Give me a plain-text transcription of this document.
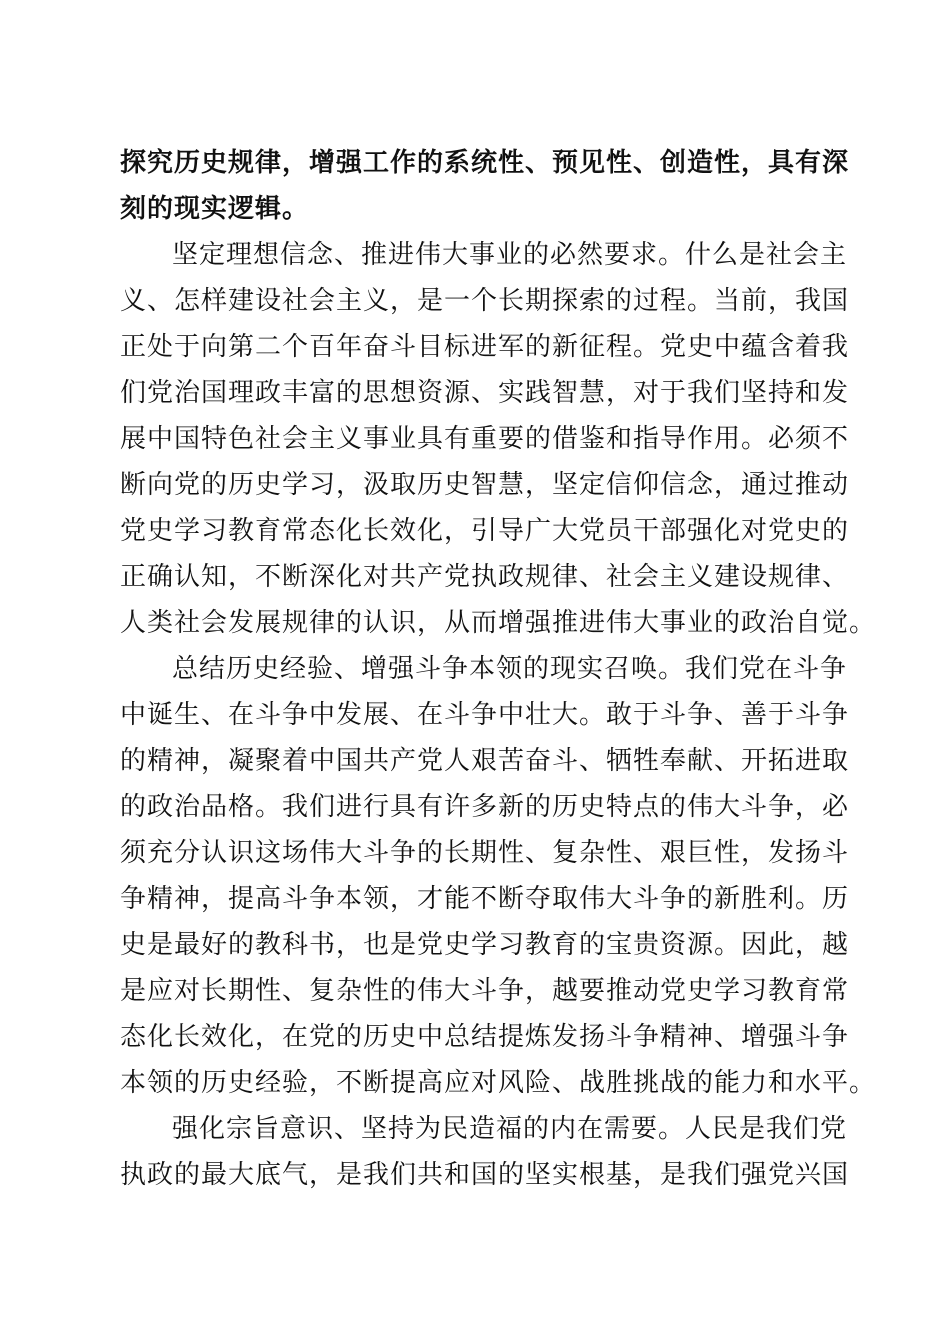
探究历史规律，增强工作的系统性、预见性、创造性，具有深
刻的现实逻辑。
坚定理想信念、推进伟大事业的必然要求。什么是社会主
义、怎样建设社会主义，是一个长期探索的过程。当前，我国
正处于向第二个百年奋斗目标进军的新征程。党史中蕴含着我
们党治国理政丰富的思想资源、实践智慧，对于我们坚持和发
展中国特色社会主义事业具有重要的借鉴和指导作用。必须不
断向党的历史学习，汲取历史智慧，坚定信仰信念，通过推动
党史学习教育常态化长效化，引导广大党员干部强化对党史的
正确认知，不断深化对共产党执政规律、社会主义建设规律、
人类社会发展规律的认识，从而增强推进伟大事业的政治自觉。
总结历史经验、增强斗争本领的现实召唤。我们党在斗争
中诞生、在斗争中发展、在斗争中壮大。敢于斗争、善于斗争
的精神，凝聚着中国共产党人艰苦奋斗、牺牲奉献、开拓进取
的政治品格。我们进行具有许多新的历史特点的伟大斗争，必
须充分认识这场伟大斗争的长期性、复杂性、艰巨性，发扬斗
争精神，提高斗争本领，才能不断夺取伟大斗争的新胜利。历
史是最好的教科书，也是党史学习教育的宝贵资源。因此，越
是应对长期性、复杂性的伟大斗争，越要推动党史学习教育常
态化长效化，在党的历史中总结提炼发扬斗争精神、增强斗争
本领的历史经验，不断提高应对风险、战胜挑战的能力和水平。
强化宗旨意识、坚持为民造福的内在需要。人民是我们党
执政的最大底气，是我们共和国的坚实根基，是我们强党兴国
